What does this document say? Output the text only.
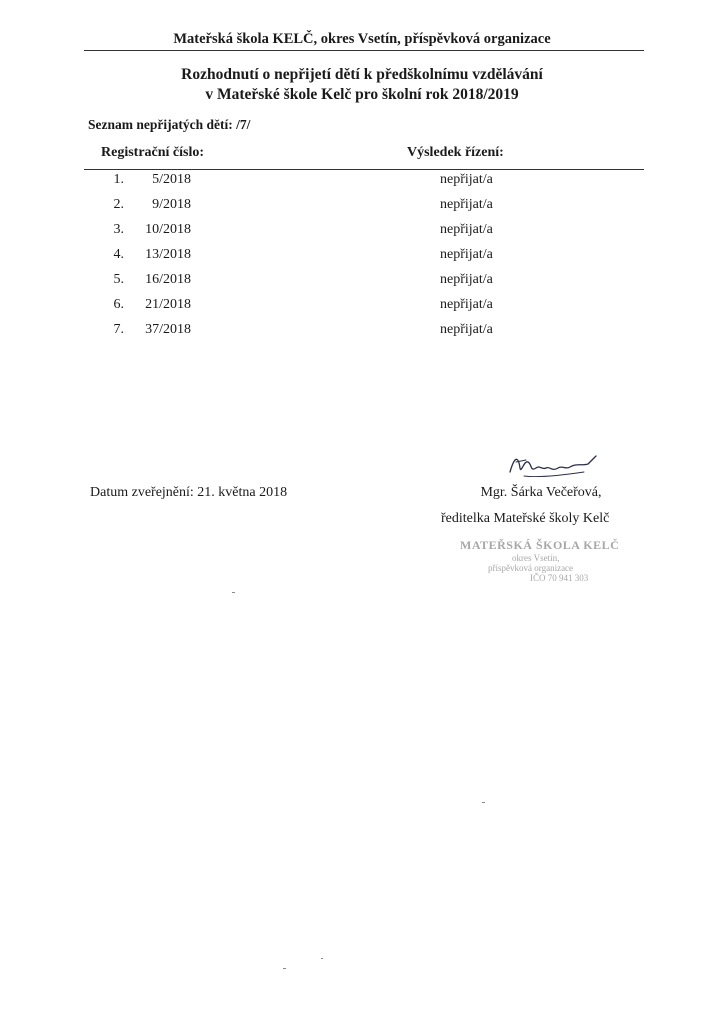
Mateřská škola KELČ, okres Vsetín, příspěvková organizace
Rozhodnutí o nepřijetí dětí k předškolnímu vzdělávání
v Mateřské škole Kelč pro školní rok 2018/2019
Seznam nepřijatých dětí: /7/
Registrační číslo:	Výsledek řízení:
1.	5/2018	nepřijat/a
2.	9/2018	nepřijat/a
3.	10/2018	nepřijat/a
4.	13/2018	nepřijat/a
5.	16/2018	nepřijat/a
6.	21/2018	nepřijat/a
7.	37/2018	nepřijat/a
Datum zveřejnění: 21. května 2018	Mgr. Šárka Večeřová,
ředitelka Mateřské školy Kelč
MATEŘSKÁ ŠKOLA KELČ
okres Vsetín,
příspěvková organizace
IČO 70 941 303
